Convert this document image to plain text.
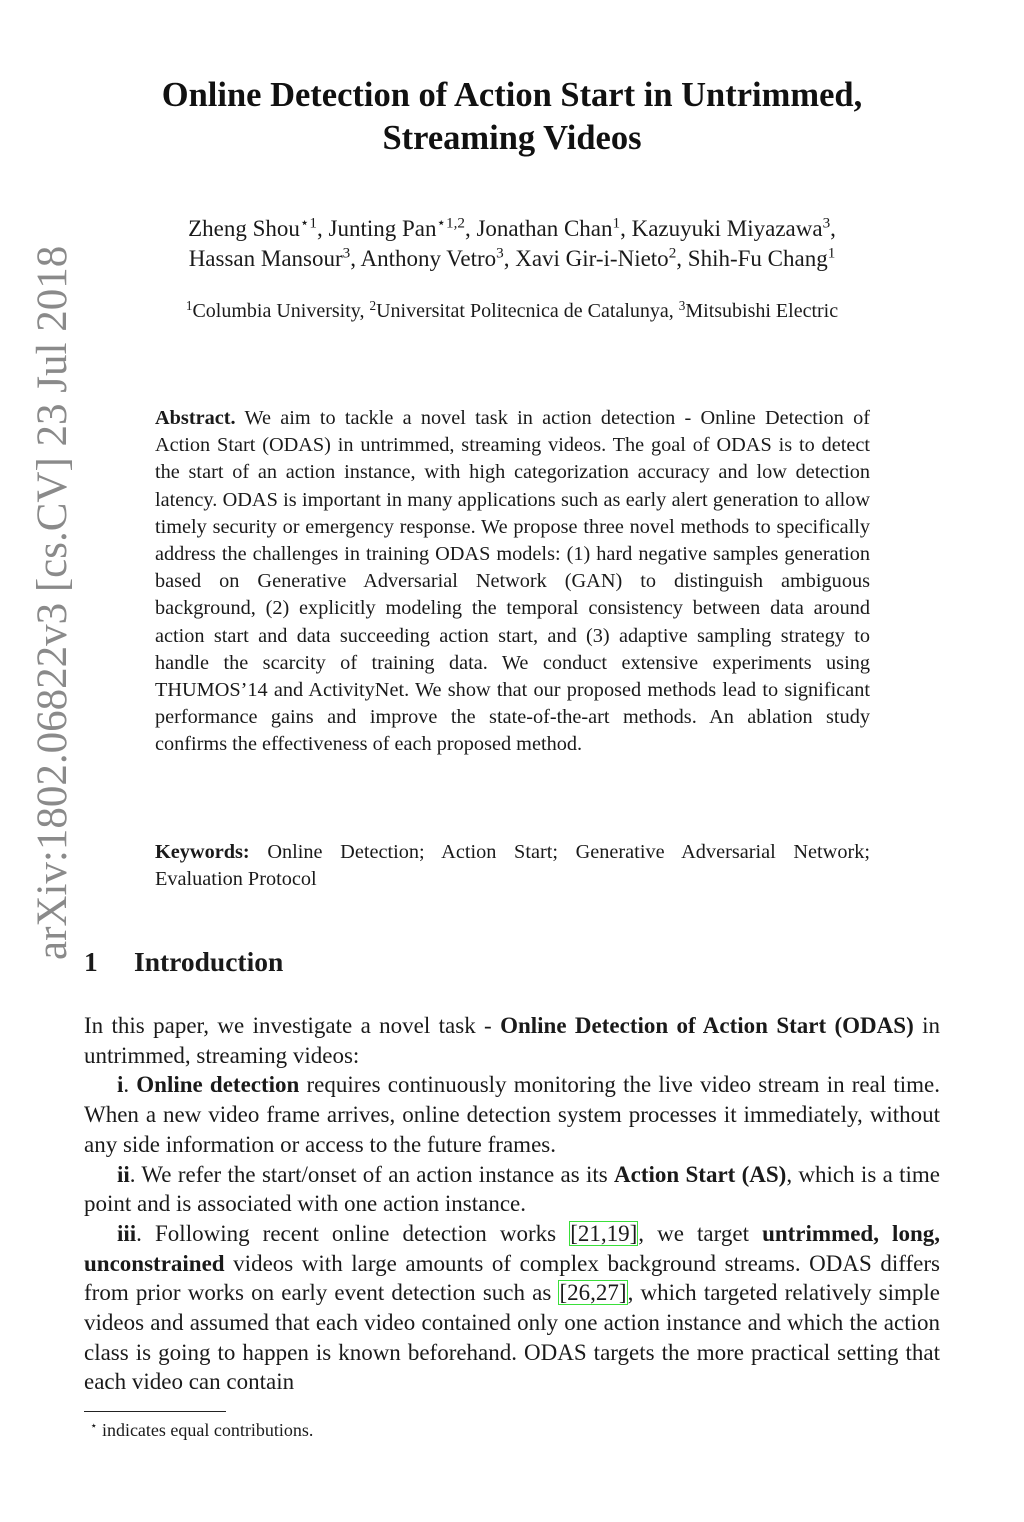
arXiv:1802.06822v3 [cs.CV] 23 Jul 2018
Online Detection of Action Start in Untrimmed,
Streaming Videos
Zheng Shou$^{⋆1}$, Junting Pan$^{⋆1,2}$, Jonathan Chan$^1$, Kazuyuki Miyazawa$^3$,
Hassan Mansour$^3$, Anthony Vetro$^3$, Xavi Gir-i-Nieto$^2$, Shih-Fu Chang$^1$
$^1$Columbia University, $^2$Universitat Politecnica de Catalunya, $^3$Mitsubishi Electric

Abstract. We aim to tackle a novel task in action detection - Online Detection of Action Start (ODAS) in untrimmed, streaming videos. The goal of ODAS is to detect the start of an action instance, with high categorization accuracy and low detection latency. ODAS is important in many applications such as early alert generation to allow timely security or emergency response. We propose three novel methods to specifically address the challenges in training ODAS models: (1) hard negative samples generation based on Generative Adversarial Network (GAN) to distinguish ambiguous background, (2) explicitly modeling the temporal consistency between data around action start and data succeeding action start, and (3) adaptive sampling strategy to handle the scarcity of training data. We conduct extensive experiments using THUMOS’14 and ActivityNet. We show that our proposed methods lead to significant performance gains and improve the state-of-the-art methods. An ablation study confirms the effectiveness of each proposed method.

Keywords: Online Detection; Action Start; Generative Adversarial Network; Evaluation Protocol

1 Introduction

In this paper, we investigate a novel task - Online Detection of Action Start (ODAS) in untrimmed, streaming videos:

i. Online detection requires continuously monitoring the live video stream in real time. When a new video frame arrives, online detection system processes it immediately, without any side information or access to the future frames.

ii. We refer the start/onset of an action instance as its Action Start (AS), which is a time point and is associated with one action instance.

iii. Following recent online detection works [21,19], we target untrimmed, long, unconstrained videos with large amounts of complex background streams. ODAS differs from prior works on early event detection such as [26,27], which targeted relatively simple videos and assumed that each video contained only one action instance and which the action class is going to happen is known beforehand. ODAS targets the more practical setting that each video can contain

⋆ indicates equal contributions.
